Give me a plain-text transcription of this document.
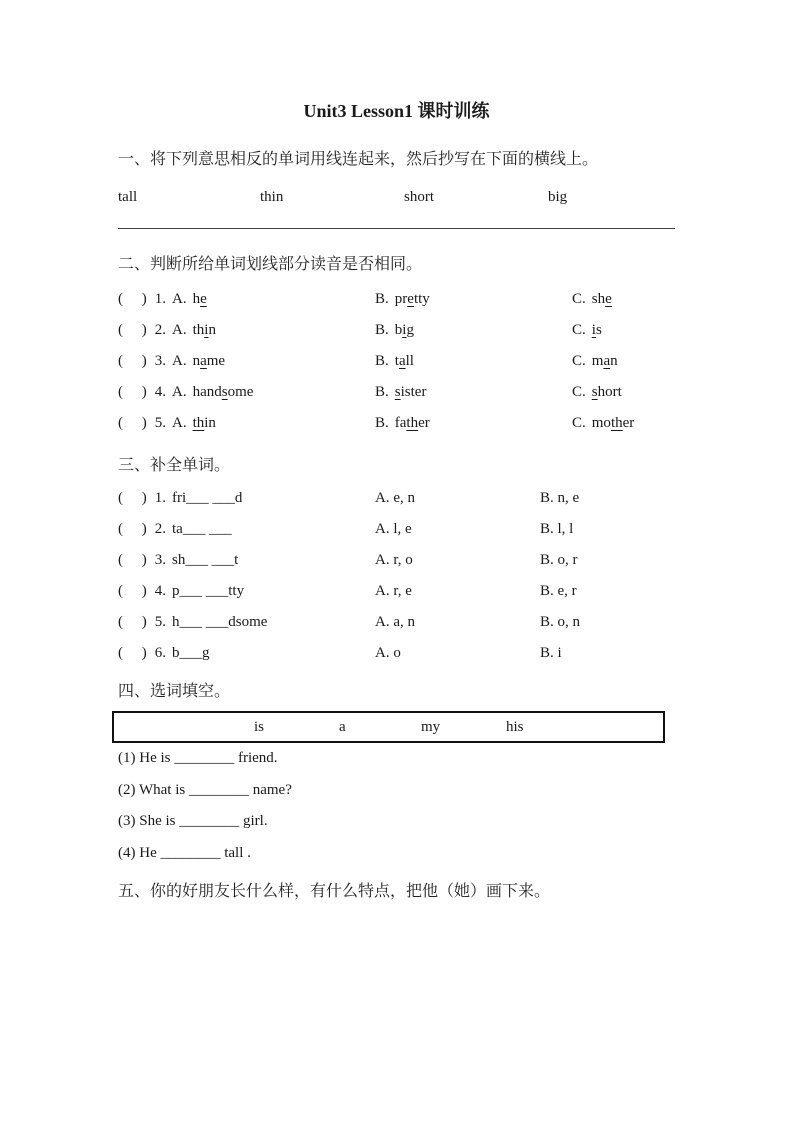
Unit3 Lesson1 课时训练
一、将下列意思相反的单词用线连起来，然后抄写在下面的横线上。
tall	thin	short	big
二、判断所给单词划线部分读音是否相同。
(     ) 1. A. he	B. pretty	C. she
(     ) 2. A. thin	B. big	C. is
(     ) 3. A. name	B. tall	C. man
(     ) 4. A. handsome	B. sister	C. short
(     ) 5. A. thin	B. father	C. mother
三、补全单词。
(     ) 1. fri___ ___d	A. e, n	B. n, e
(     ) 2. ta___ ___	A. l, e	B. l, l
(     ) 3. sh___ ___t	A. r, o	B. o, r
(     ) 4. p___ ___tty	A. r, e	B. e, r
(     ) 5. h___ ___dsome	A. a, n	B. o, n
(     ) 6. b___g	A. o	B. i
四、选词填空。
is	a	my	his
(1) He is ________ friend.
(2) What is ________ name?
(3) She is ________ girl.
(4) He ________ tall .
五、你的好朋友长什么样，有什么特点，把他（她）画下来。
